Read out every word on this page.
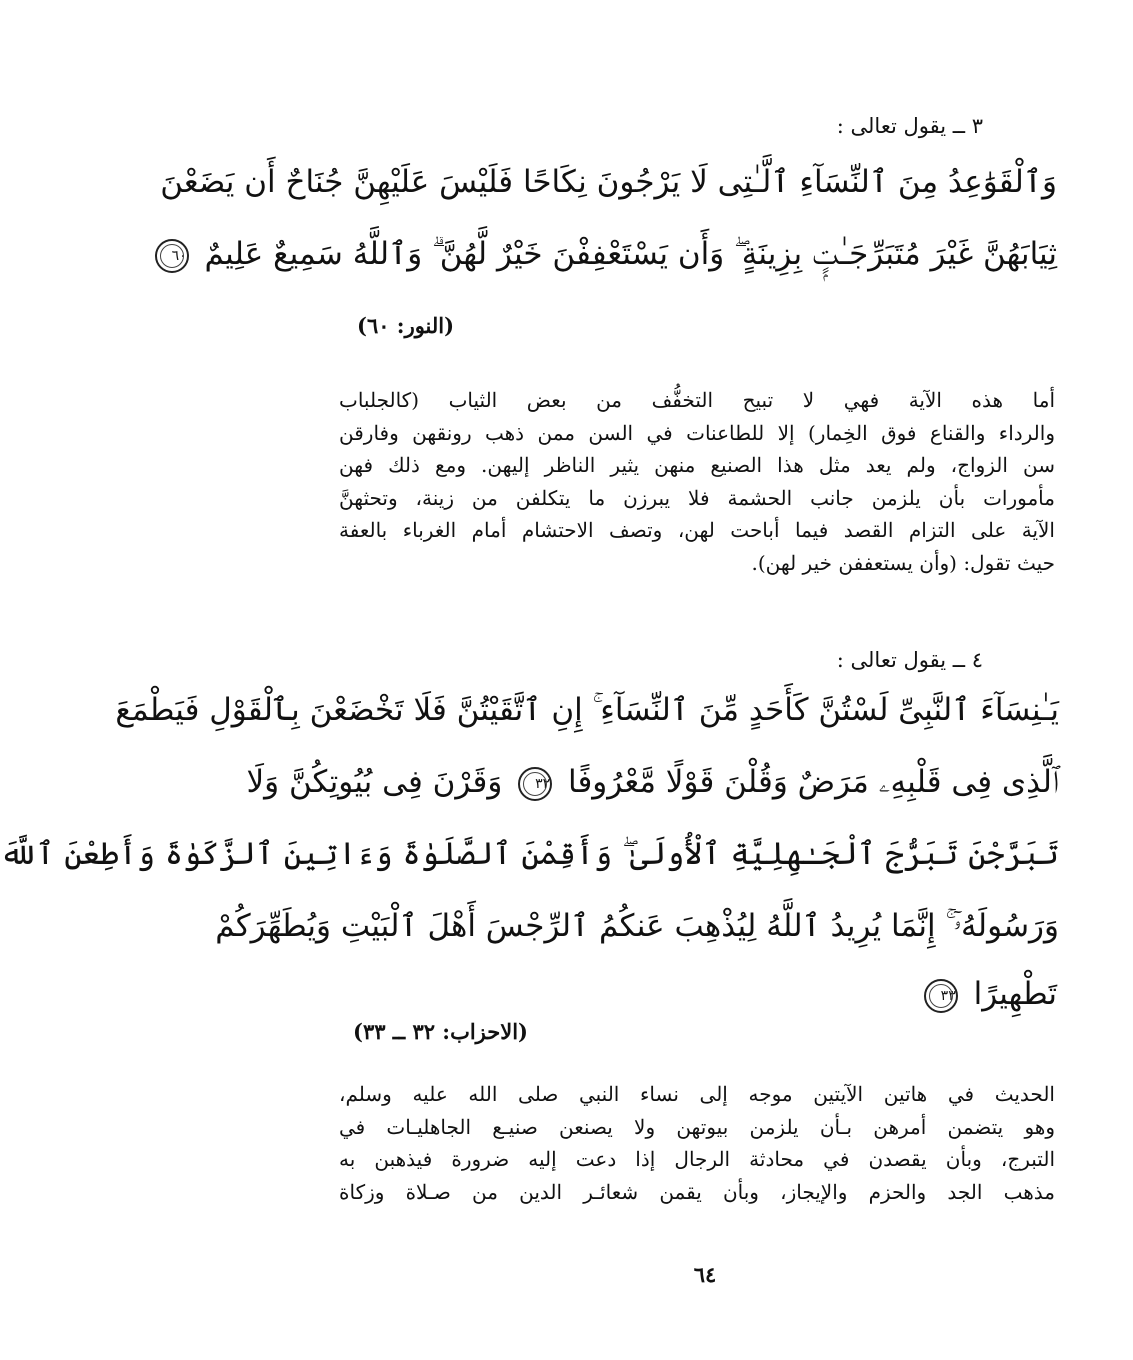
٣ ــ يقول تعالى :
وَٱلْقَوَٰعِدُ مِنَ ٱلنِّسَآءِ ٱلَّـٰتِى لَا يَرْجُونَ نِكَاحًا فَلَيْسَ عَلَيْهِنَّ جُنَاحٌ أَن يَضَعْنَ
ثِيَابَهُنَّ غَيْرَ مُتَبَرِّجَـٰتٍۭ بِزِينَةٍ ۖ وَأَن يَسْتَعْفِفْنَ خَيْرٌ لَّهُنَّ ۗ وَٱللَّهُ سَمِيعٌ عَلِيمٌ ٦٠
(النور: ٦٠)
أما هذه الآية فهي لا تبيح التخفُّف من بعض الثياب (كالجلباب
والرداء والقناع فوق الخِمار) إلا للطاعنات في السن ممن ذهب رونقهن وفارقن
سن الزواج، ولم يعد مثل هذا الصنيع منهن يثير الناظر إليهن. ومع ذلك فهن
مأمورات بأن يلزمن جانب الحشمة فلا يبرزن ما يتكلفن من زينة، وتحثهنَّ
الآية على التزام القصد فيما أباحت لهن، وتصف الاحتشام أمام الغرباء بالعفة
حيث تقول: (وأن يستعففن خير لهن).
٤ ــ يقول تعالى :
يَـٰنِسَآءَ ٱلنَّبِىِّ لَسْتُنَّ كَأَحَدٍ مِّنَ ٱلنِّسَآءِ ۚ إِنِ ٱتَّقَيْتُنَّ فَلَا تَخْضَعْنَ بِٱلْقَوْلِ فَيَطْمَعَ
ٱلَّذِى فِى قَلْبِهِۦ مَرَضٌ وَقُلْنَ قَوْلًا مَّعْرُوفًا ٣٢ وَقَرْنَ فِى بُيُوتِكُنَّ وَلَا
تَبَرَّجْنَ تَبَرُّجَ ٱلْجَـٰهِلِيَّةِ ٱلْأُولَىٰ ۖ وَأَقِمْنَ ٱلصَّلَوٰةَ وَءَاتِينَ ٱلزَّكَوٰةَ وَأَطِعْنَ ٱللَّهَ
وَرَسُولَهُۥٓ ۚ إِنَّمَا يُرِيدُ ٱللَّهُ لِيُذْهِبَ عَنكُمُ ٱلرِّجْسَ أَهْلَ ٱلْبَيْتِ وَيُطَهِّرَكُمْ
تَطْهِيرًا ٣٣
(الاحزاب: ٣٢ ــ ٣٣)
الحديث في هاتين الآيتين موجه إلى نساء النبي صلى الله عليه وسلم،
وهو يتضمن أمرهن بـأن يلزمن بيوتهن ولا يصنعن صنيـع الجاهليـات في
التبرج، وبأن يقصدن في محادثة الرجال إذا دعت إليه ضرورة فيذهبن به
مذهب الجد والحزم والإيجاز، وبأن يقمن شعائـر الدين من صـلاة وزكاة
٦٤
